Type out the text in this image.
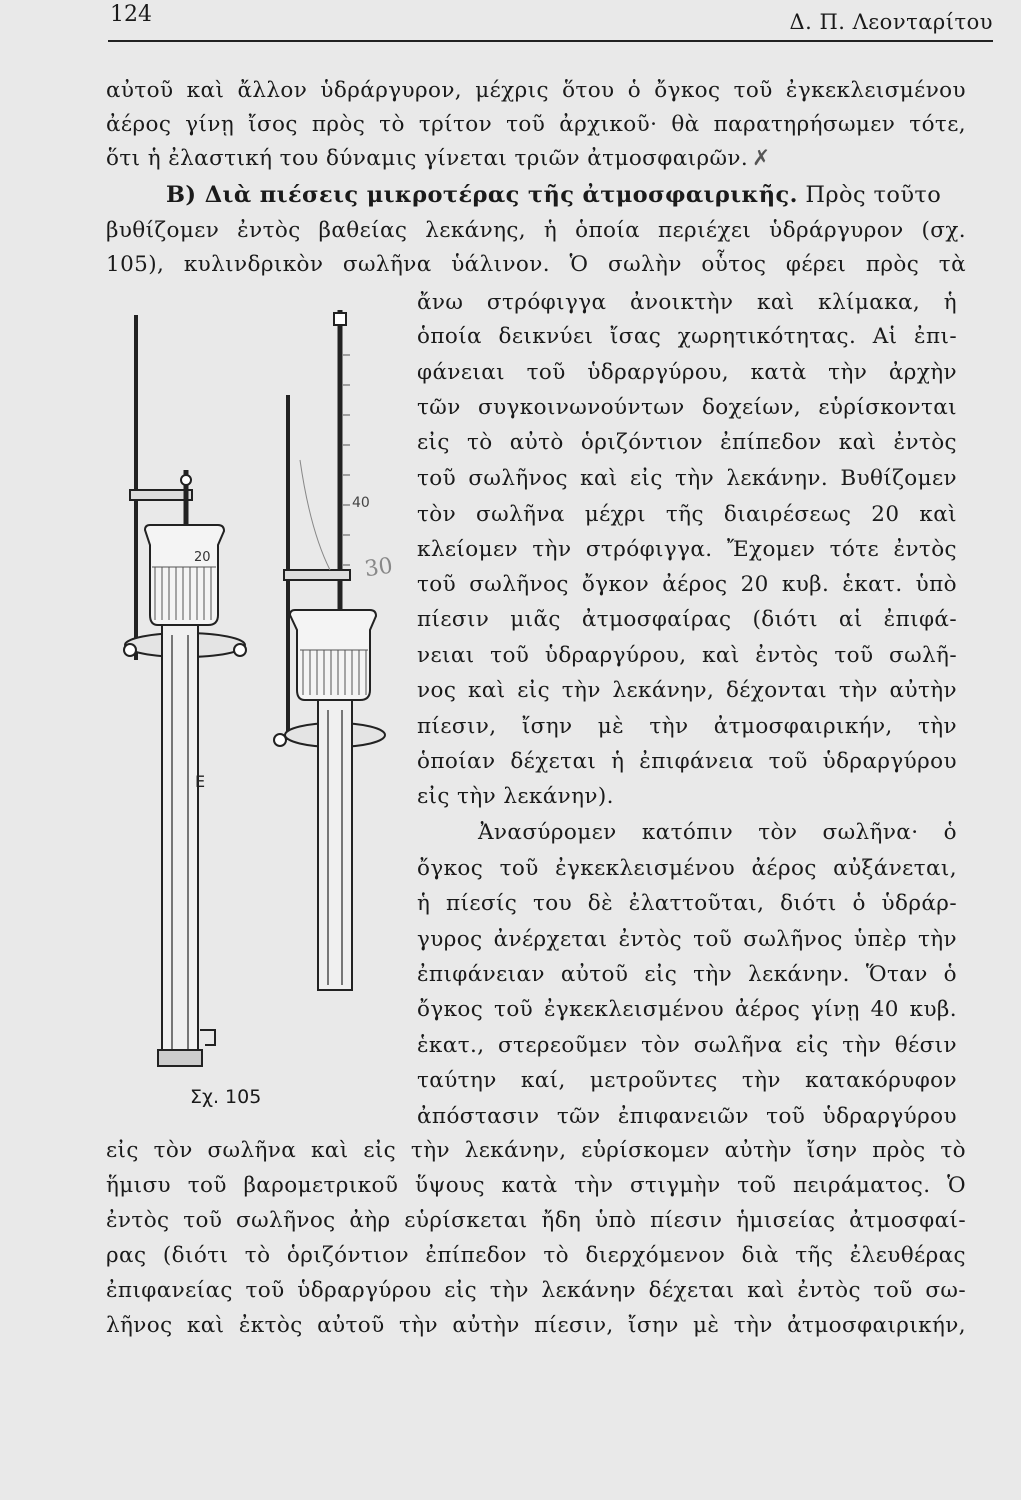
124	Δ. Π. Λεονταρίτου
αὐτοῦ καὶ ἄλλον ὑδράργυρον, μέχρις ὅτου ὁ ὄγκος τοῦ ἐγκεκλεισμένου
ἀέρος γίνῃ ἴσος πρὸς τὸ τρίτον τοῦ ἀρχικοῦ· θὰ παρατηρήσωμεν τότε,
ὅτι ἡ ἐλαστική του δύναμις γίνεται τριῶν ἀτμοσφαιρῶν. ✗
B) Διὰ πιέσεις μικροτέρας τῆς ἀτμοσφαιρικῆς. Πρὸς τοῦτο
βυθίζομεν ἐντὸς βαθείας λεκάνης, ἡ ὁποία περιέχει ὑδράργυρον (σχ.
105), κυλινδρικὸν σωλῆνα ὑάλινον. Ὁ σωλὴν οὗτος φέρει πρὸς τὰ
ἄνω στρόφιγγα ἀνοικτὴν καὶ κλίμακα, ἡ
ὁποία δεικνύει ἴσας χωρητικότητας. Αἱ ἐπι-
φάνειαι τοῦ ὑδραργύρου, κατὰ τὴν ἀρχὴν
τῶν συγκοινωνούντων δοχείων, εὑρίσκονται
εἰς τὸ αὐτὸ ὁριζόντιον ἐπίπεδον καὶ ἐντὸς
τοῦ σωλῆνος καὶ εἰς τὴν λεκάνην. Βυθίζομεν
τὸν σωλῆνα μέχρι τῆς διαιρέσεως 20 καὶ
κλείομεν τὴν στρόφιγγα. Ἔχομεν τότε ἐντὸς
τοῦ σωλῆνος ὄγκον ἀέρος 20 κυβ. ἑκατ. ὑπὸ
πίεσιν μιᾶς ἀτμοσφαίρας (διότι αἱ ἐπιφά-
νειαι τοῦ ὑδραργύρου, καὶ ἐντὸς τοῦ σωλῆ-
νος καὶ εἰς τὴν λεκάνην, δέχονται τὴν αὐτὴν
πίεσιν, ἴσην μὲ τὴν ἀτμοσφαιρικήν, τὴν
ὁποίαν δέχεται ἡ ἐπιφάνεια τοῦ ὑδραργύρου
εἰς τὴν λεκάνην).
Ἀνασύρομεν κατόπιν τὸν σωλῆνα· ὁ
ὄγκος τοῦ ἐγκεκλεισμένου ἀέρος αὐξάνεται,
ἡ πίεσίς του δὲ ἐλαττοῦται, διότι ὁ ὑδράρ-
γυρος ἀνέρχεται ἐντὸς τοῦ σωλῆνος ὑπὲρ τὴν
ἐπιφάνειαν αὐτοῦ εἰς τὴν λεκάνην. Ὅταν ὁ
ὄγκος τοῦ ἐγκεκλεισμένου ἀέρος γίνῃ 40 κυβ.
ἑκατ., στερεοῦμεν τὸν σωλῆνα εἰς τὴν θέσιν
ταύτην καί, μετροῦντες τὴν κατακόρυφον
ἀπόστασιν τῶν ἐπιφανειῶν τοῦ ὑδραργύρου
E
20
40
30
Σχ. 105
εἰς τὸν σωλῆνα καὶ εἰς τὴν λεκάνην, εὑρίσκομεν αὐτὴν ἴσην πρὸς τὸ
ἥμισυ τοῦ βαρομετρικοῦ ὕψους κατὰ τὴν στιγμὴν τοῦ πειράματος. Ὁ
ἐντὸς τοῦ σωλῆνος ἀὴρ εὑρίσκεται ἤδη ὑπὸ πίεσιν ἡμισείας ἀτμοσφαί-
ρας (διότι τὸ ὁριζόντιον ἐπίπεδον τὸ διερχόμενον διὰ τῆς ἐλευθέρας
ἐπιφανείας τοῦ ὑδραργύρου εἰς τὴν λεκάνην δέχεται καὶ ἐντὸς τοῦ σω-
λῆνος καὶ ἐκτὸς αὐτοῦ τὴν αὐτὴν πίεσιν, ἴσην μὲ τὴν ἀτμοσφαιρικήν,
